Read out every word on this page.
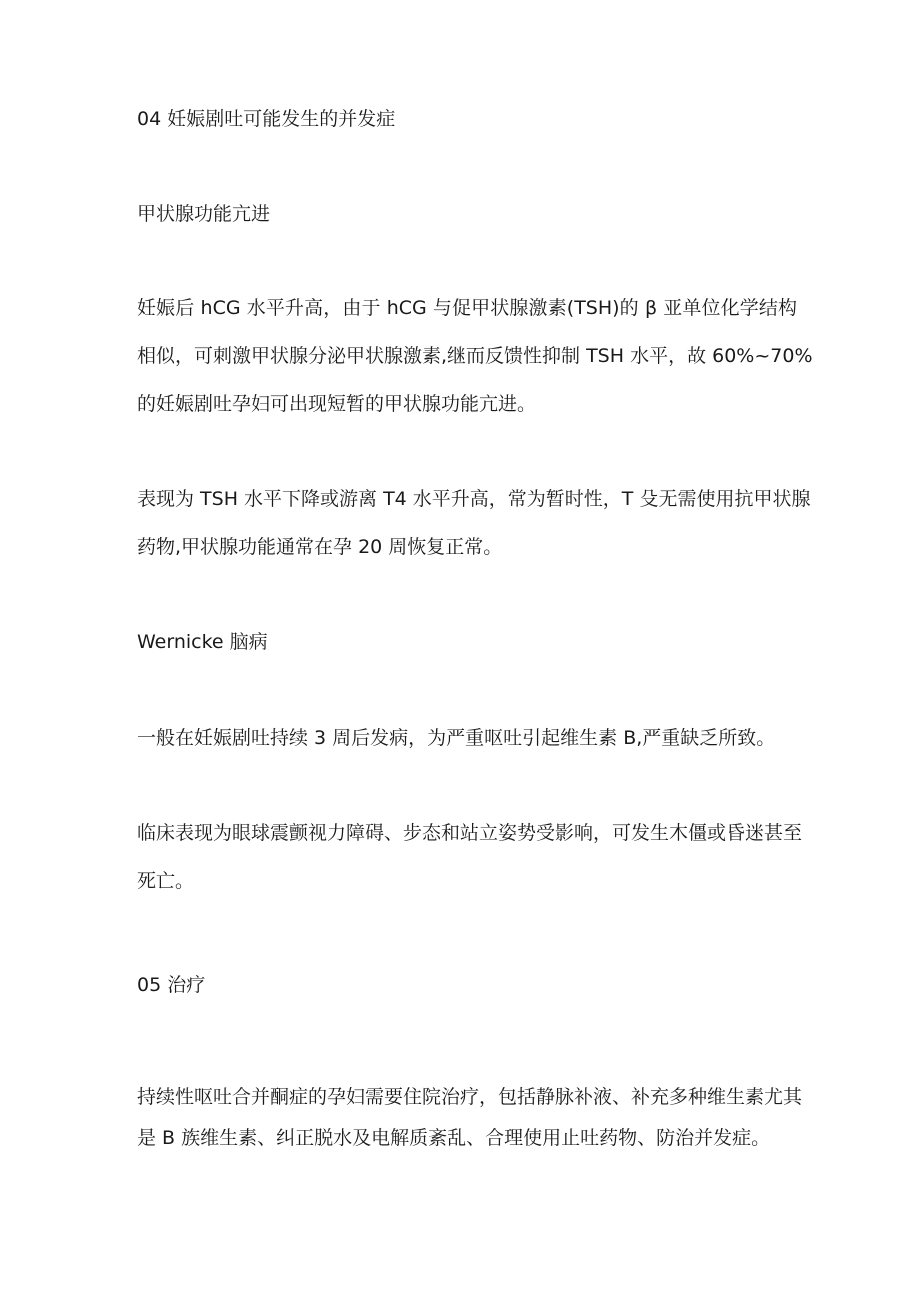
04 妊娠剧吐可能发生的并发症
甲状腺功能亢进
妊娠后 hCG 水平升高，由于 hCG 与促甲状腺激素(TSH)的 β 亚单位化学结构
相似，可刺激甲状腺分泌甲状腺激素,继而反馈性抑制 TSH 水平，故 60%~70%
的妊娠剧吐孕妇可出现短暂的甲状腺功能亢进。
表现为 TSH 水平下降或游离 T4 水平升高，常为暂时性，T 殳无需使用抗甲状腺
药物,甲状腺功能通常在孕 20 周恢复正常。
Wernicke 脑病
一般在妊娠剧吐持续 3 周后发病，为严重呕吐引起维生素 B,严重缺乏所致。
临床表现为眼球震颤视力障碍、步态和站立姿势受影响，可发生木僵或昏迷甚至
死亡。
05 治疗
持续性呕吐合并酮症的孕妇需要住院治疗，包括静脉补液、补充多种维生素尤其
是 B 族维生素、纠正脱水及电解质紊乱、合理使用止吐药物、防治并发症。
